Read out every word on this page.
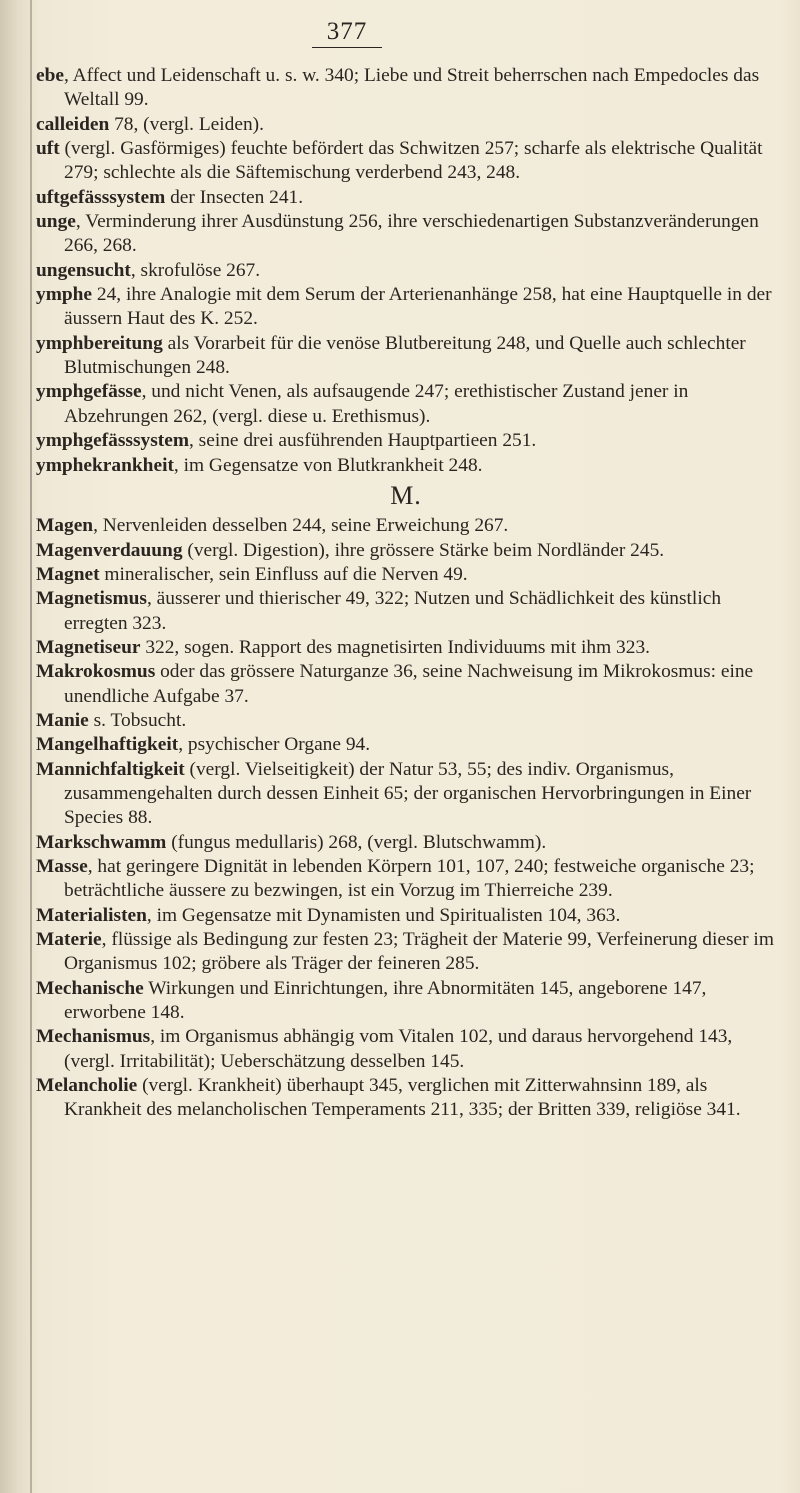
377

ebe, Affect und Leidenschaft u. s. w. 340; Liebe und Streit beherrschen nach Empedocles das Weltall 99.

calleiden 78, (vergl. Leiden).

uft (vergl. Gasförmiges) feuchte befördert das Schwitzen 257; scharfe als elektrische Qualität 279; schlechte als die Säftemischung verderbend 243, 248.

uftgefässsystem der Insecten 241.

unge, Verminderung ihrer Ausdünstung 256, ihre verschiedenartigen Substanzveränderungen 266, 268.

ungensucht, skrofulöse 267.

ymphe 24, ihre Analogie mit dem Serum der Arterienanhänge 258, hat eine Hauptquelle in der äussern Haut des K. 252.

ymphbereitung als Vorarbeit für die venöse Blutbereitung 248, und Quelle auch schlechter Blutmischungen 248.

ymphgefässe, und nicht Venen, als aufsaugende 247; erethistischer Zustand jener in Abzehrungen 262, (vergl. diese u. Erethismus).

ymphgefässsystem, seine drei ausführenden Hauptpartieen 251.

ymphekrankheit, im Gegensatze von Blutkrankheit 248.

M.

Magen, Nervenleiden desselben 244, seine Erweichung 267.

Magenverdauung (vergl. Digestion), ihre grössere Stärke beim Nordländer 245.

Magnet mineralischer, sein Einfluss auf die Nerven 49.

Magnetismus, äusserer und thierischer 49, 322; Nutzen und Schädlichkeit des künstlich erregten 323.

Magnetiseur 322, sogen. Rapport des magnetisirten Individuums mit ihm 323.

Makrokosmus oder das grössere Naturganze 36, seine Nachweisung im Mikrokosmus: eine unendliche Aufgabe 37.

Manie s. Tobsucht.

Mangelhaftigkeit, psychischer Organe 94.

Mannichfaltigkeit (vergl. Vielseitigkeit) der Natur 53, 55; des indiv. Organismus, zusammengehalten durch dessen Einheit 65; der organischen Hervorbringungen in Einer Species 88.

Markschwamm (fungus medullaris) 268, (vergl. Blutschwamm).

Masse, hat geringere Dignität in lebenden Körpern 101, 107, 240; festweiche organische 23; beträchtliche äussere zu bezwingen, ist ein Vorzug im Thierreiche 239.

Materialisten, im Gegensatze mit Dynamisten und Spiritualisten 104, 363.

Materie, flüssige als Bedingung zur festen 23; Trägheit der Materie 99, Verfeinerung dieser im Organismus 102; gröbere als Träger der feineren 285.

Mechanische Wirkungen und Einrichtungen, ihre Abnormitäten 145, angeborene 147, erworbene 148.

Mechanismus, im Organismus abhängig vom Vitalen 102, und daraus hervorgehend 143, (vergl. Irritabilität); Ueberschätzung desselben 145.

Melancholie (vergl. Krankheit) überhaupt 345, verglichen mit Zitterwahnsinn 189, als Krankheit des melancholischen Temperaments 211, 335; der Britten 339, religiöse 341.
